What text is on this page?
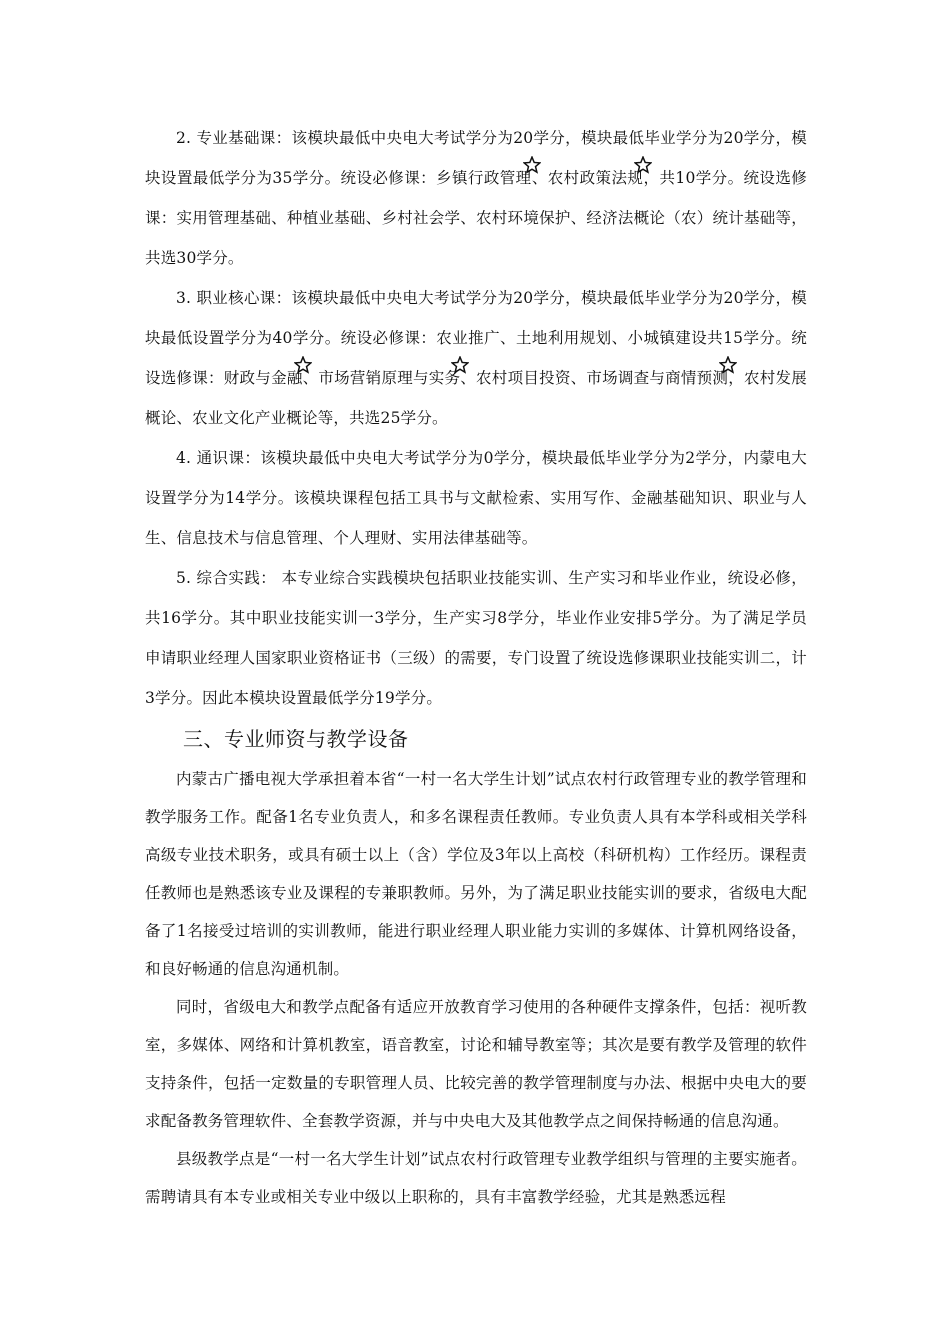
2. 专业基础课：该模块最低中央电大考试学分为20学分，模块最低毕业学分为20学分，模块设置最低学分为35学分。统设必修课：乡镇行政管理
、农村政策法规
，共10学分。统设选修课：实用管理基础、种植业基础、乡村社会学、农村环境保护、经济法概论（农）统计基础等，共选30学分。

3. 职业核心课：该模块最低中央电大考试学分为20学分，模块最低毕业学分为20学分，模块最低设置学分为40学分。统设必修课：农业推广、土地利用规划、小城镇建设共15学分。统设选修课：财政与金融
、市场营销原理与实务
、农村项目投资、市场调查与商情预测
，农村发展概论、农业文化产业概论等，共选25学分。

4. 通识课：该模块最低中央电大考试学分为0学分，模块最低毕业学分为2学分，内蒙电大设置学分为14学分。该模块课程包括工具书与文献检索、实用写作、金融基础知识、职业与人生、信息技术与信息管理、个人理财、实用法律基础等。

5. 综合实践： 本专业综合实践模块包括职业技能实训、生产实习和毕业作业，统设必修，共16学分。其中职业技能实训一3学分，生产实习8学分，毕业作业安排5学分。为了满足学员申请职业经理人国家职业资格证书（三级）的需要，专门设置了统设选修课职业技能实训二，计3学分。因此本模块设置最低学分19学分。

三、专业师资与教学设备

内蒙古广播电视大学承担着本省“一村一名大学生计划”试点农村行政管理专业的教学管理和教学服务工作。配备1名专业负责人，和多名课程责任教师。专业负责人具有本学科或相关学科高级专业技术职务，或具有硕士以上（含）学位及3年以上高校（科研机构）工作经历。课程责任教师也是熟悉该专业及课程的专兼职教师。另外，为了满足职业技能实训的要求，省级电大配备了1名接受过培训的实训教师，能进行职业经理人职业能力实训的多媒体、计算机网络设备，和良好畅通的信息沟通机制。

同时，省级电大和教学点配备有适应开放教育学习使用的各种硬件支撑条件，包括：视听教室，多媒体、网络和计算机教室，语音教室，讨论和辅导教室等；其次是要有教学及管理的软件支持条件，包括一定数量的专职管理人员、比较完善的教学管理制度与办法、根据中央电大的要求配备教务管理软件、全套教学资源，并与中央电大及其他教学点之间保持畅通的信息沟通。

县级教学点是“一村一名大学生计划”试点农村行政管理专业教学组织与管理的主要实施者。需聘请具有本专业或相关专业中级以上职称的，具有丰富教学经验，尤其是熟悉远程
